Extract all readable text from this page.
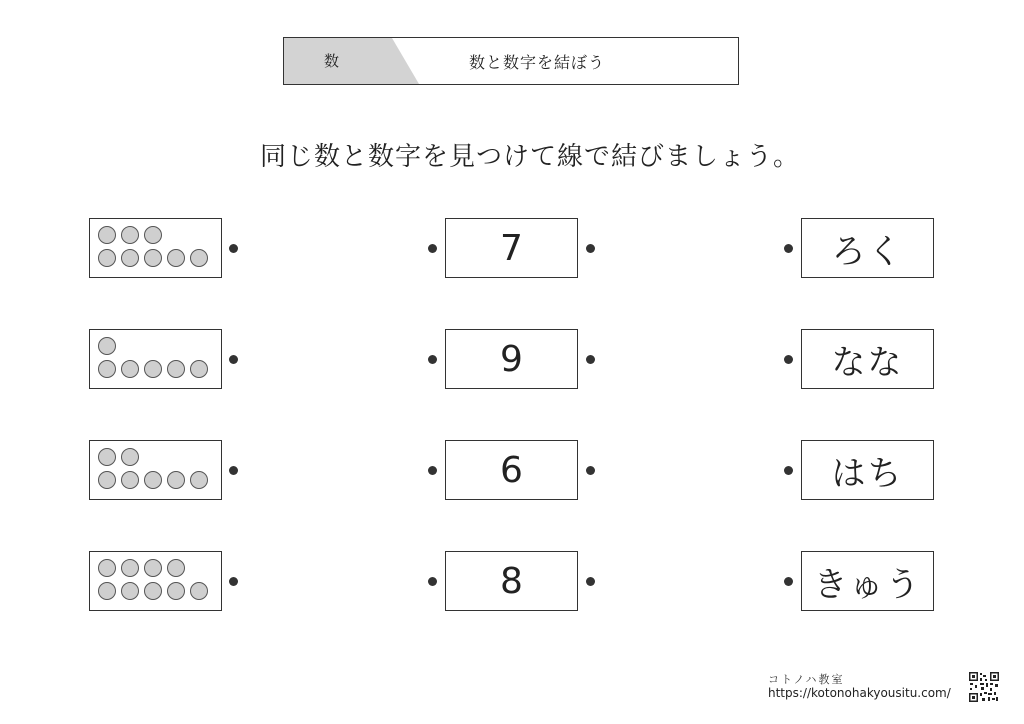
数	数と数字を結ぼう
同じ数と数字を見つけて線で結びましょう。
7
9
6
8
ろく
なな
はち
きゅう
コトノハ教室
https://kotonohakyousitu.com/
